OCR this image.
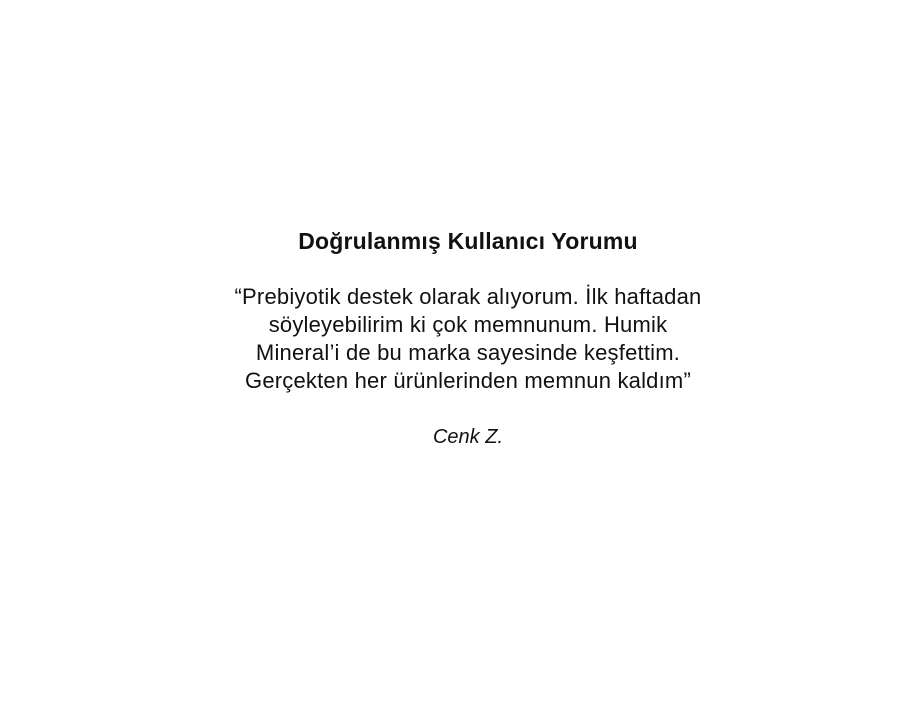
Doğrulanmış Kullanıcı Yorumu

“Prebiyotik destek olarak alıyorum. İlk haftadan
söyleyebilirim ki çok memnunum. Humik
Mineral’i de bu marka sayesinde keşfettim.
Gerçekten her ürünlerinden memnun kaldım”

Cenk Z.
